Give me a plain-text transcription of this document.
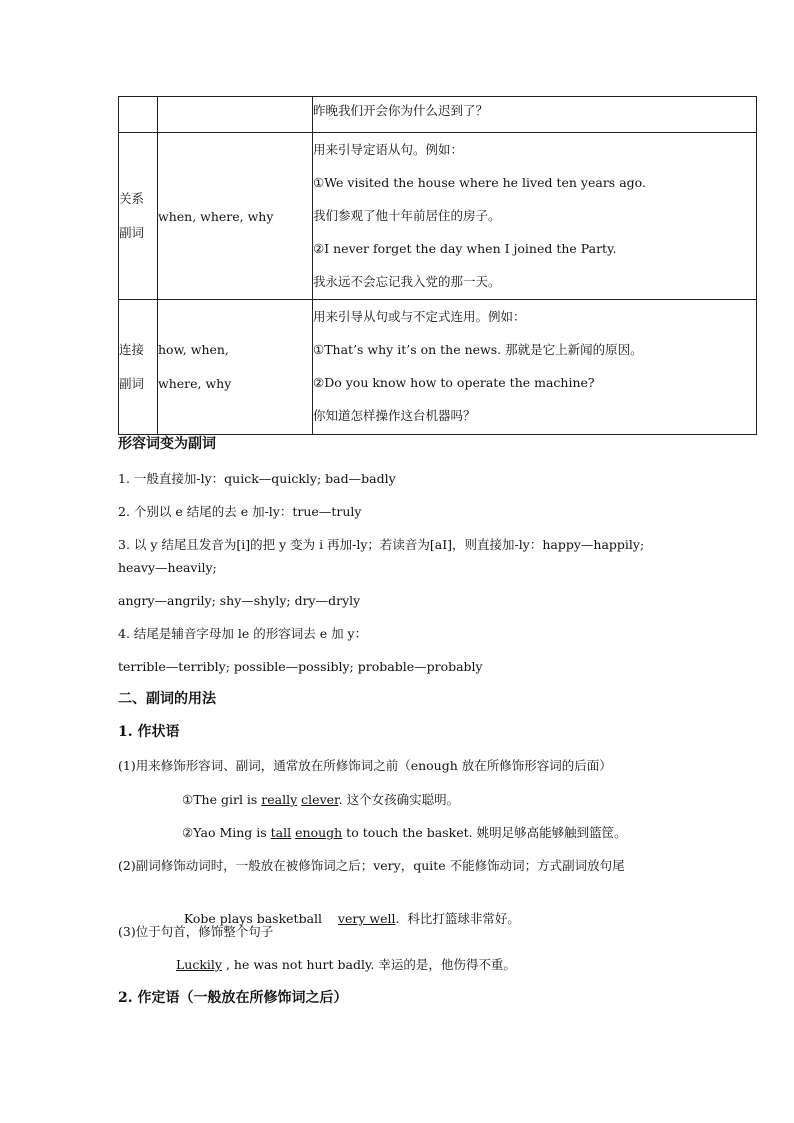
		昨晚我们开会你为什么迟到了？

关系
副词	when, where, why	用来引导定语从句。例如：
①We visited the house where he lived ten years ago.
我们参观了他十年前居住的房子。
②I never forget the day when I joined the Party.
我永远不会忘记我入党的那一天。

连接
副词	how, when,
where, why	用来引导从句或与不定式连用。例如：
①That’s why it’s on the news. 那就是它上新闻的原因。
②Do you know how to operate the machine?
你知道怎样操作这台机器吗？
形容词变为副词
1. 一般直接加-ly：quick—quickly; bad—badly
2. 个别以 e 结尾的去 e 加-ly：true—truly
3. 以 y 结尾且发音为[i]的把 y 变为 i 再加-ly；若读音为[aI]，则直接加-ly：happy—happily;
heavy—heavily;
angry—angrily; shy—shyly; dry—dryly
4. 结尾是辅音字母加 le 的形容词去 e 加 y：
terrible—terribly; possible—possibly; probable—probably
二、副词的用法
1. 作状语
(1)用来修饰形容词、副词，通常放在所修饰词之前（enough 放在所修饰形容词的后面）
①The girl is really clever. 这个女孩确实聪明。
②Yao Ming is tall enough to touch the basket. 姚明足够高能够触到篮筐。
(2)副词修饰动词时，一般放在被修饰词之后；very，quite 不能修饰动词；方式副词放句尾

Kobe plays basketball    very well.  科比打篮球非常好。

(3)位于句首，修饰整个句子
Luckily , he was not hurt badly. 幸运的是，他伤得不重。
2. 作定语（一般放在所修饰词之后）
